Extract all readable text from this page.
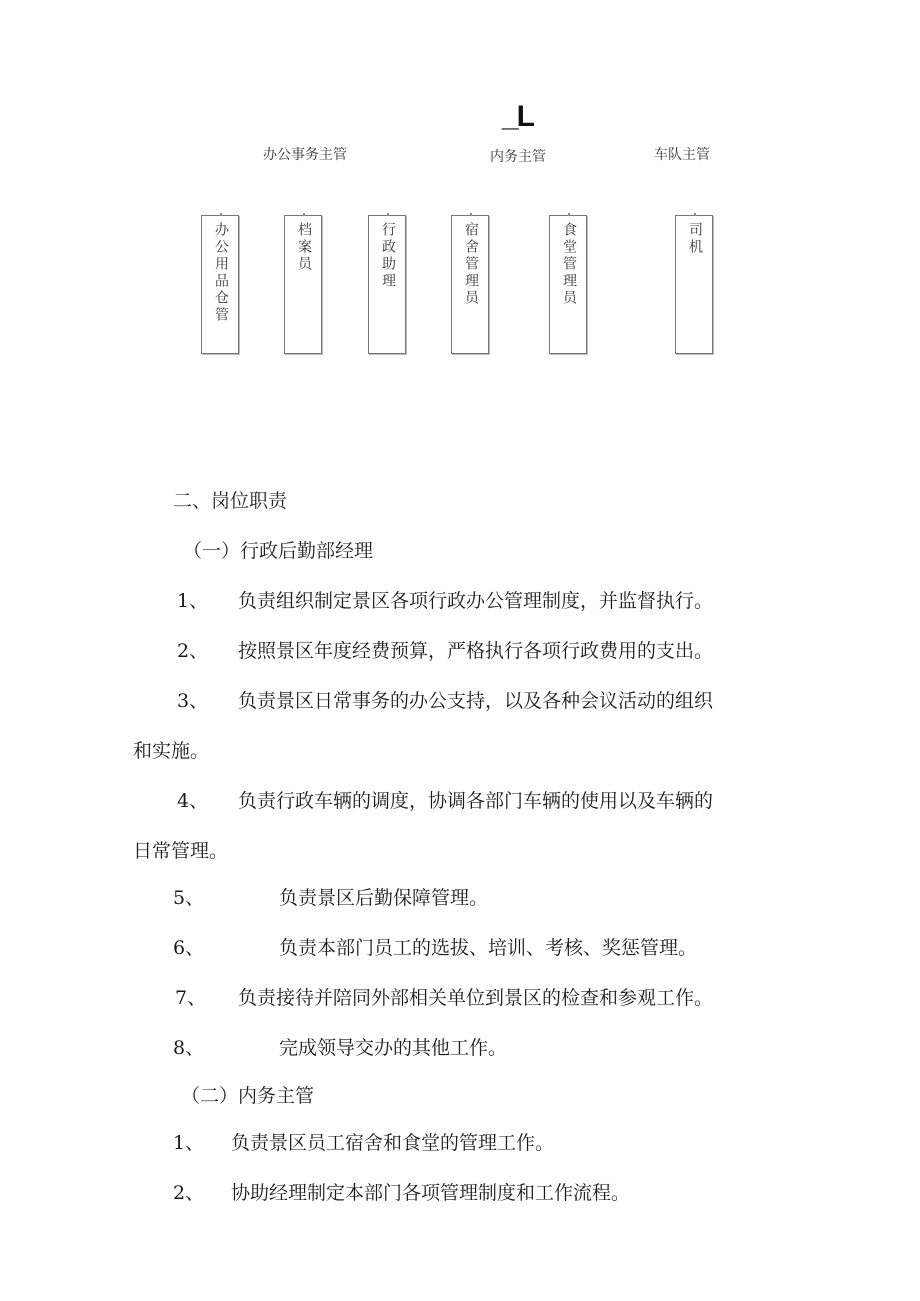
_L
办公事务主管	内务主管	车队主管
办公用品仓管	档案员	行政助理	宿舍管理员	食堂管理员	司机
二、岗位职责
（一）行政后勤部经理
1、 负责组织制定景区各项行政办公管理制度，并监督执行。
2、 按照景区年度经费预算，严格执行各项行政费用的支出。
3、 负责景区日常事务的办公支持，以及各种会议活动的组织
和实施。
4、 负责行政车辆的调度，协调各部门车辆的使用以及车辆的
日常管理。
5、	负责景区后勤保障管理。
6、	负责本部门员工的选拔、培训、考核、奖惩管理。
7、 负责接待并陪同外部相关单位到景区的检查和参观工作。
8、	完成领导交办的其他工作。
（二）内务主管
1、 负责景区员工宿舍和食堂的管理工作。
2、 协助经理制定本部门各项管理制度和工作流程。
